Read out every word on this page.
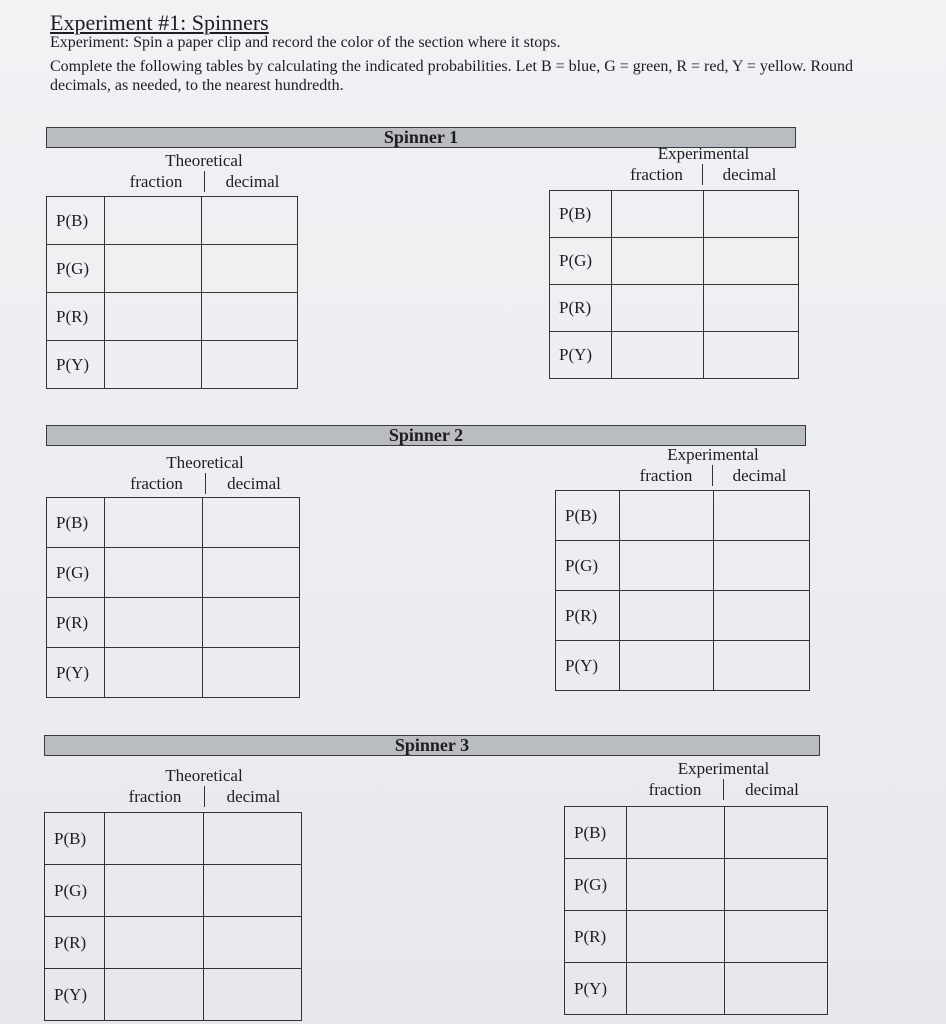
Experiment #1: Spinners
Experiment: Spin a paper clip and record the color of the section where it stops.
Complete the following tables by calculating the indicated probabilities. Let B = blue, G = green, R = red, Y = yellow. Round decimals, as needed, to the nearest hundredth.
Spinner 1
Theoretical
fraction	decimal
P(B)		
P(G)		
P(R)		
P(Y)		
Experimental
fraction	decimal
P(B)		
P(G)		
P(R)		
P(Y)		
Spinner 2
Theoretical
fraction	decimal
P(B)		
P(G)		
P(R)		
P(Y)		
Experimental
fraction	decimal
P(B)		
P(G)		
P(R)		
P(Y)		
Spinner 3
Theoretical
fraction	decimal
P(B)		
P(G)		
P(R)		
P(Y)		
Experimental
fraction	decimal
P(B)		
P(G)		
P(R)		
P(Y)		
